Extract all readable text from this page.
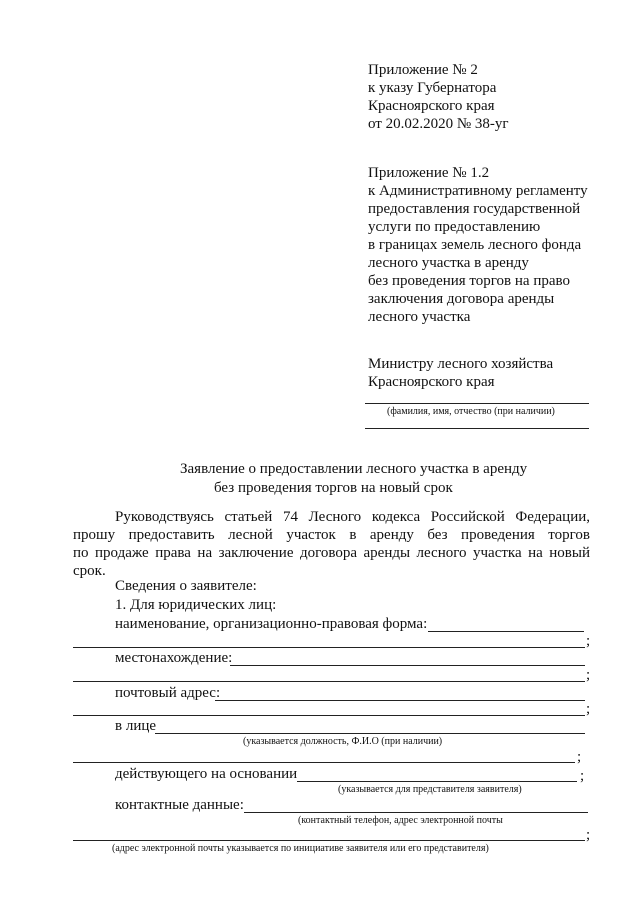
Приложение № 2
к указу Губернатора
Красноярского края
от 20.02.2020 № 38-уг
Приложение № 1.2
к Административному регламенту
предоставления государственной
услуги по предоставлению
в границах земель лесного фонда
лесного участка в аренду
без проведения торгов на право
заключения договора аренды
лесного участка
Министру лесного хозяйства
Красноярского края
(фамилия, имя, отчество (при наличии)
Заявление о предоставлении лесного участка в аренду
без проведения торгов на новый срок
Руководствуясь статьей 74 Лесного кодекса Российской Федерации,
прошу предоставить лесной участок в аренду без проведения торгов
по продаже права на заключение договора аренды лесного участка на новый
срок.
Сведения о заявителе:
1. Для юридических лиц:
наименование, организационно-правовая форма:
;
местонахождение:
;
почтовый адрес:
;
в лице
(указывается должность, Ф.И.О (при наличии)
;
действующего на основании	;
(указывается для представителя заявителя)
контактные данные:
(контактный телефон, адрес электронной почты
;
(адрес электронной почты указывается по инициативе заявителя или его представителя)
